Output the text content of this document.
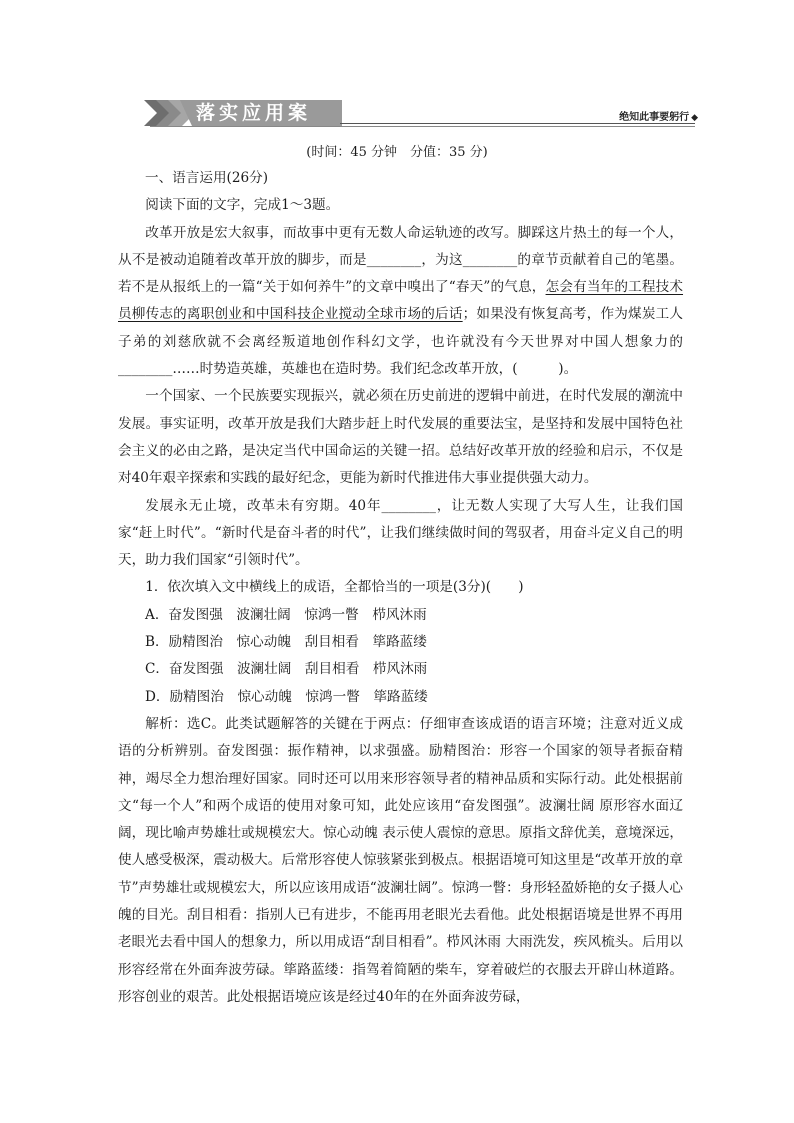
落实应用案	绝知此事要躬行 ◆
(时间：45 分钟　分值：35 分)

一、语言运用(26分)

阅读下面的文字，完成1～3题。

改革开放是宏大叙事，而故事中更有无数人命运轨迹的改写。脚踩这片热土的每一个人，从不是被动追随着改革开放的脚步，而是________，为这________的章节贡献着自己的笔墨。若不是从报纸上的一篇“关于如何养牛”的文章中嗅出了“春天”的气息，怎会有当年的工程技术员柳传志的离职创业和中国科技企业搅动全球市场的后话；如果没有恢复高考，作为煤炭工人子弟的刘慈欣就不会离经叛道地创作科幻文学，也许就没有今天世界对中国人想象力的________……时势造英雄，英雄也在造时势。我们纪念改革开放，(　　　)。

一个国家、一个民族要实现振兴，就必须在历史前进的逻辑中前进，在时代发展的潮流中发展。事实证明，改革开放是我们大踏步赶上时代发展的重要法宝，是坚持和发展中国特色社会主义的必由之路，是决定当代中国命运的关键一招。总结好改革开放的经验和启示，不仅是对40年艰辛探索和实践的最好纪念，更能为新时代推进伟大事业提供强大动力。

发展永无止境，改革未有穷期。40年________，让无数人实现了大写人生，让我们国家“赶上时代”。“新时代是奋斗者的时代”，让我们继续做时间的驾驭者，用奋斗定义自己的明天，助力我们国家“引领时代”。

1．依次填入文中横线上的成语，全都恰当的一项是(3分)(　　)

A．奋发图强　波澜壮阔　惊鸿一瞥　栉风沐雨

B．励精图治　惊心动魄　刮目相看　筚路蓝缕

C．奋发图强　波澜壮阔　刮目相看　栉风沐雨

D．励精图治　惊心动魄　惊鸿一瞥　筚路蓝缕

解析：选C。此类试题解答的关键在于两点：仔细审查该成语的语言环境；注意对近义成语的分析辨别。奋发图强：振作精神，以求强盛。励精图治：形容一个国家的领导者振奋精神，竭尽全力想治理好国家。同时还可以用来形容领导者的精神品质和实际行动。此处根据前文“每一个人”和两个成语的使用对象可知，此处应该用“奋发图强”。波澜壮阔 原形容水面辽阔，现比喻声势雄壮或规模宏大。惊心动魄 表示使人震惊的意思。原指文辞优美，意境深远，使人感受极深，震动极大。后常形容使人惊骇紧张到极点。根据语境可知这里是“改革开放的章节”声势雄壮或规模宏大，所以应该用成语“波澜壮阔”。惊鸿一瞥：身形轻盈娇艳的女子摄人心魄的目光。刮目相看：指别人已有进步，不能再用老眼光去看他。此处根据语境是世界不再用老眼光去看中国人的想象力，所以用成语“刮目相看”。栉风沐雨 大雨洗发，疾风梳头。后用以形容经常在外面奔波劳碌。筚路蓝缕：指驾着简陋的柴车，穿着破烂的衣服去开辟山林道路。形容创业的艰苦。此处根据语境应该是经过40年的在外面奔波劳碌，
